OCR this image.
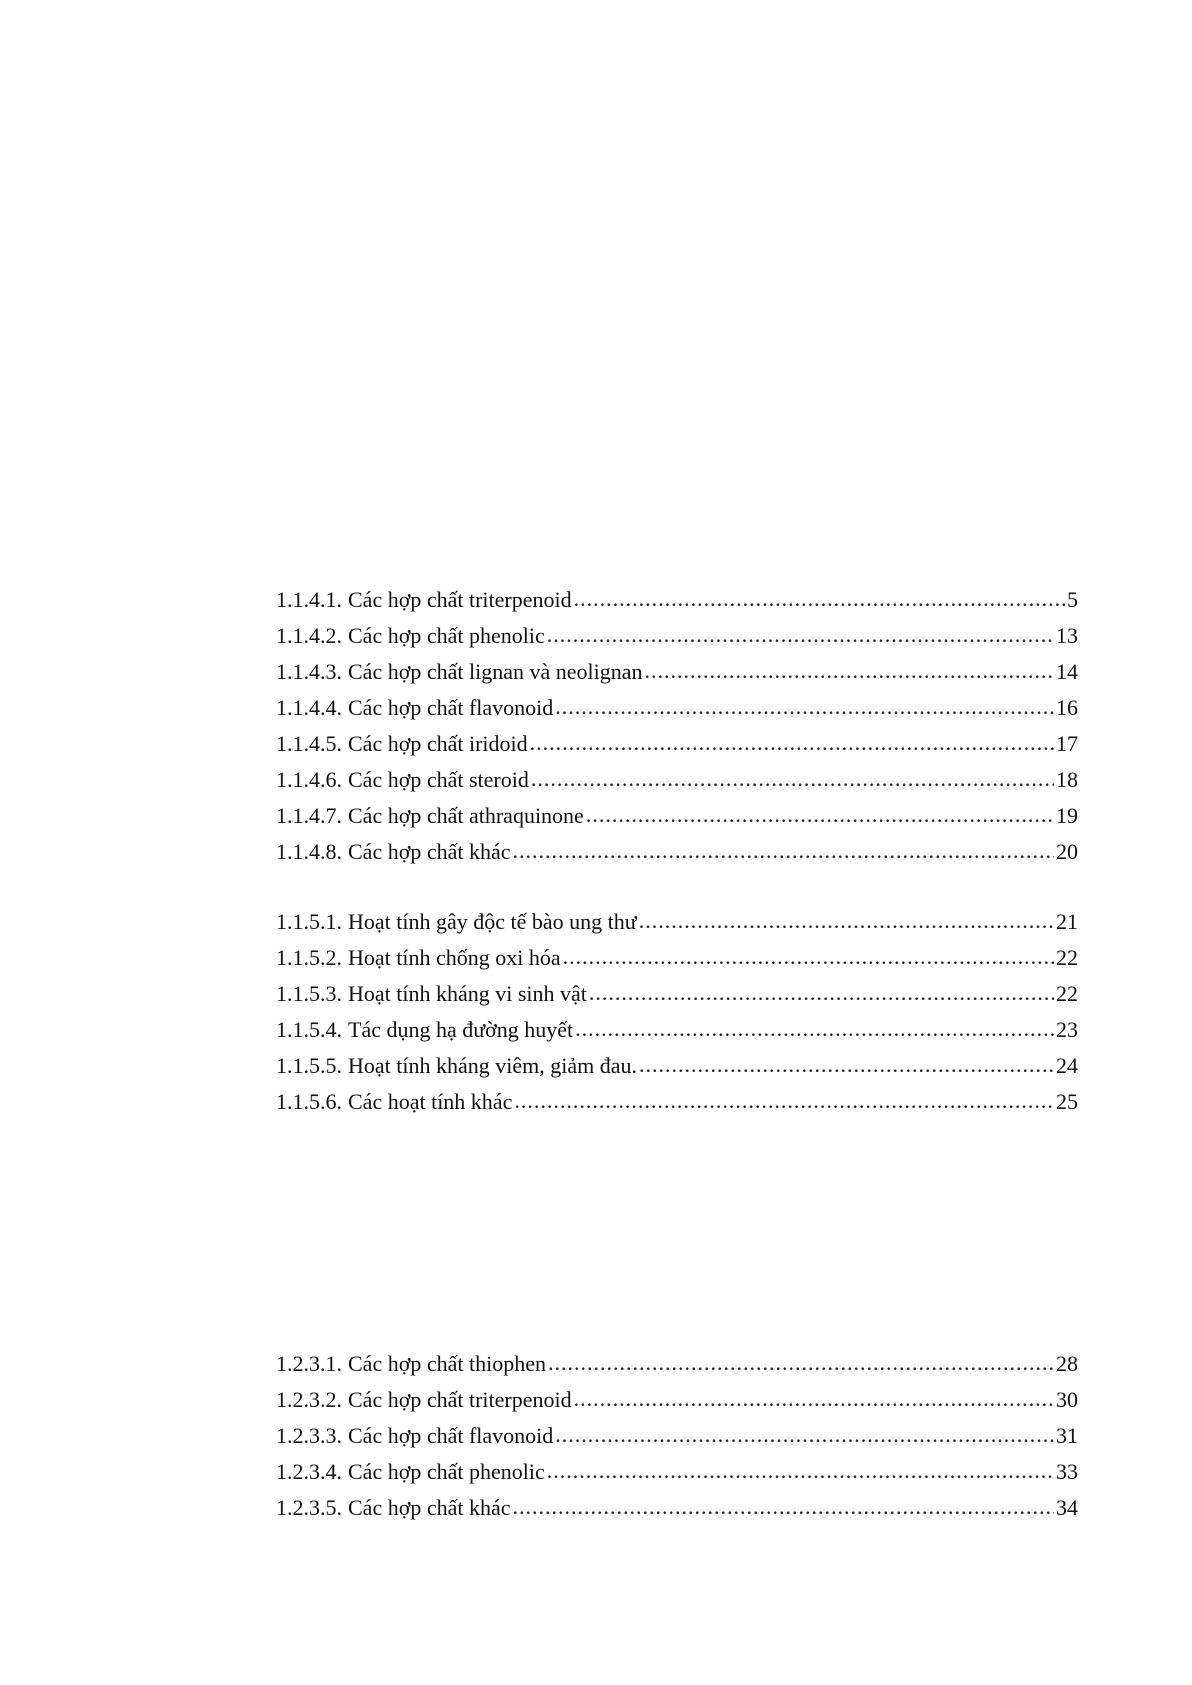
1.1.4.1. Các hợp chất triterpenoid .....	5
1.1.4.2. Các hợp chất phenolic .....	13
1.1.4.3. Các hợp chất lignan và neolignan .....	14
1.1.4.4. Các hợp chất flavonoid .....	16
1.1.4.5. Các hợp chất iridoid .....	17
1.1.4.6. Các hợp chất steroid .....	18
1.1.4.7. Các hợp chất athraquinone .....	19
1.1.4.8. Các hợp chất khác .....	20
1.1.5.1. Hoạt tính gây độc tế bào ung thư .....	21
1.1.5.2. Hoạt tính chống oxi hóa .....	22
1.1.5.3. Hoạt tính kháng vi sinh vật .....	22
1.1.5.4. Tác dụng hạ đường huyết .....	23
1.1.5.5. Hoạt tính kháng viêm, giảm đau. .....	24
1.1.5.6. Các hoạt tính khác .....	25
1.2.3.1. Các hợp chất thiophen .....	28
1.2.3.2. Các hợp chất triterpenoid .....	30
1.2.3.3. Các hợp chất flavonoid .....	31
1.2.3.4. Các hợp chất phenolic .....	33
1.2.3.5. Các hợp chất khác .....	34
